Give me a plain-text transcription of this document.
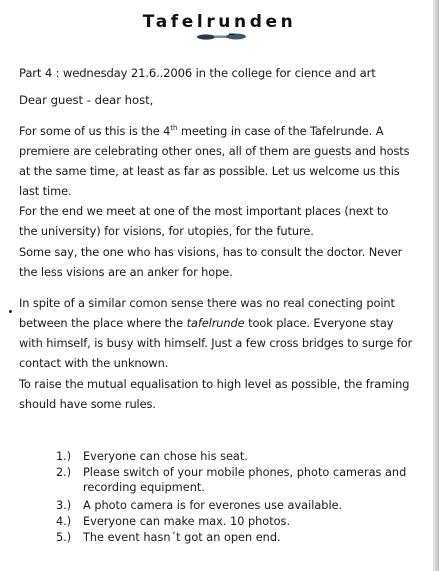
Tafelrunden
Part 4 : wednesday 21.6..2006 in the college for cience and art
Dear guest - dear host,
For some of us this is the 4th meeting in case of the Tafelrunde. A
premiere are celebrating other ones, all of them are guests and hosts
at the same time, at least as far as possible. Let us welcome us this
last time.
For the end we meet at one of the most important places (next to
the university) for visions, for utopies, for the future.
Some say, the one who has visions, has to consult the doctor. Never
the less visions are an anker for hope.
In spite of a similar comon sense there was no real conecting point
between the place where the tafelrunde took place. Everyone stay
with himself, is busy with himself. Just a few cross bridges to surge for
contact with the unknown.
To raise the mutual equalisation to high level as possible, the framing
should have some rules.
1.) Everyone can chose his seat.
2.) Please switch of your mobile phones, photo cameras and
recording equipment.
3.) A photo camera is for everones use available.
4.) Everyone can make max. 10 photos.
5.) The event hasn´t got an open end.
